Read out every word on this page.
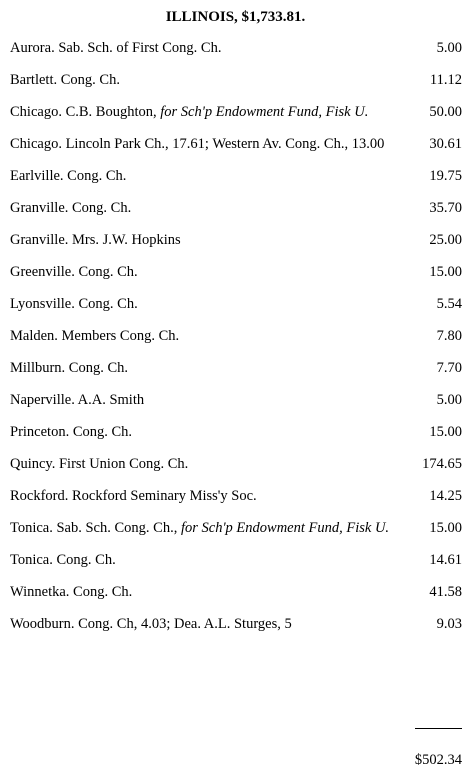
ILLINOIS, $1,733.81.
Aurora. Sab. Sch. of First Cong. Ch.	5.00
Bartlett. Cong. Ch.	11.12
Chicago. C.B. Boughton, for Sch'p Endowment Fund, Fisk U.	50.00
Chicago. Lincoln Park Ch., 17.61; Western Av. Cong. Ch., 13.00	30.61
Earlville. Cong. Ch.	19.75
Granville. Cong. Ch.	35.70
Granville. Mrs. J.W. Hopkins	25.00
Greenville. Cong. Ch.	15.00
Lyonsville. Cong. Ch.	5.54
Malden. Members Cong. Ch.	7.80
Millburn. Cong. Ch.	7.70
Naperville. A.A. Smith	5.00
Princeton. Cong. Ch.	15.00
Quincy. First Union Cong. Ch.	174.65
Rockford. Rockford Seminary Miss'y Soc.	14.25
Tonica. Sab. Sch. Cong. Ch., for Sch'p Endowment Fund, Fisk U.	15.00
Tonica. Cong. Ch.	14.61
Winnetka. Cong. Ch.	41.58
Woodburn. Cong. Ch, 4.03; Dea. A.L. Sturges, 5	9.03
$502.34
